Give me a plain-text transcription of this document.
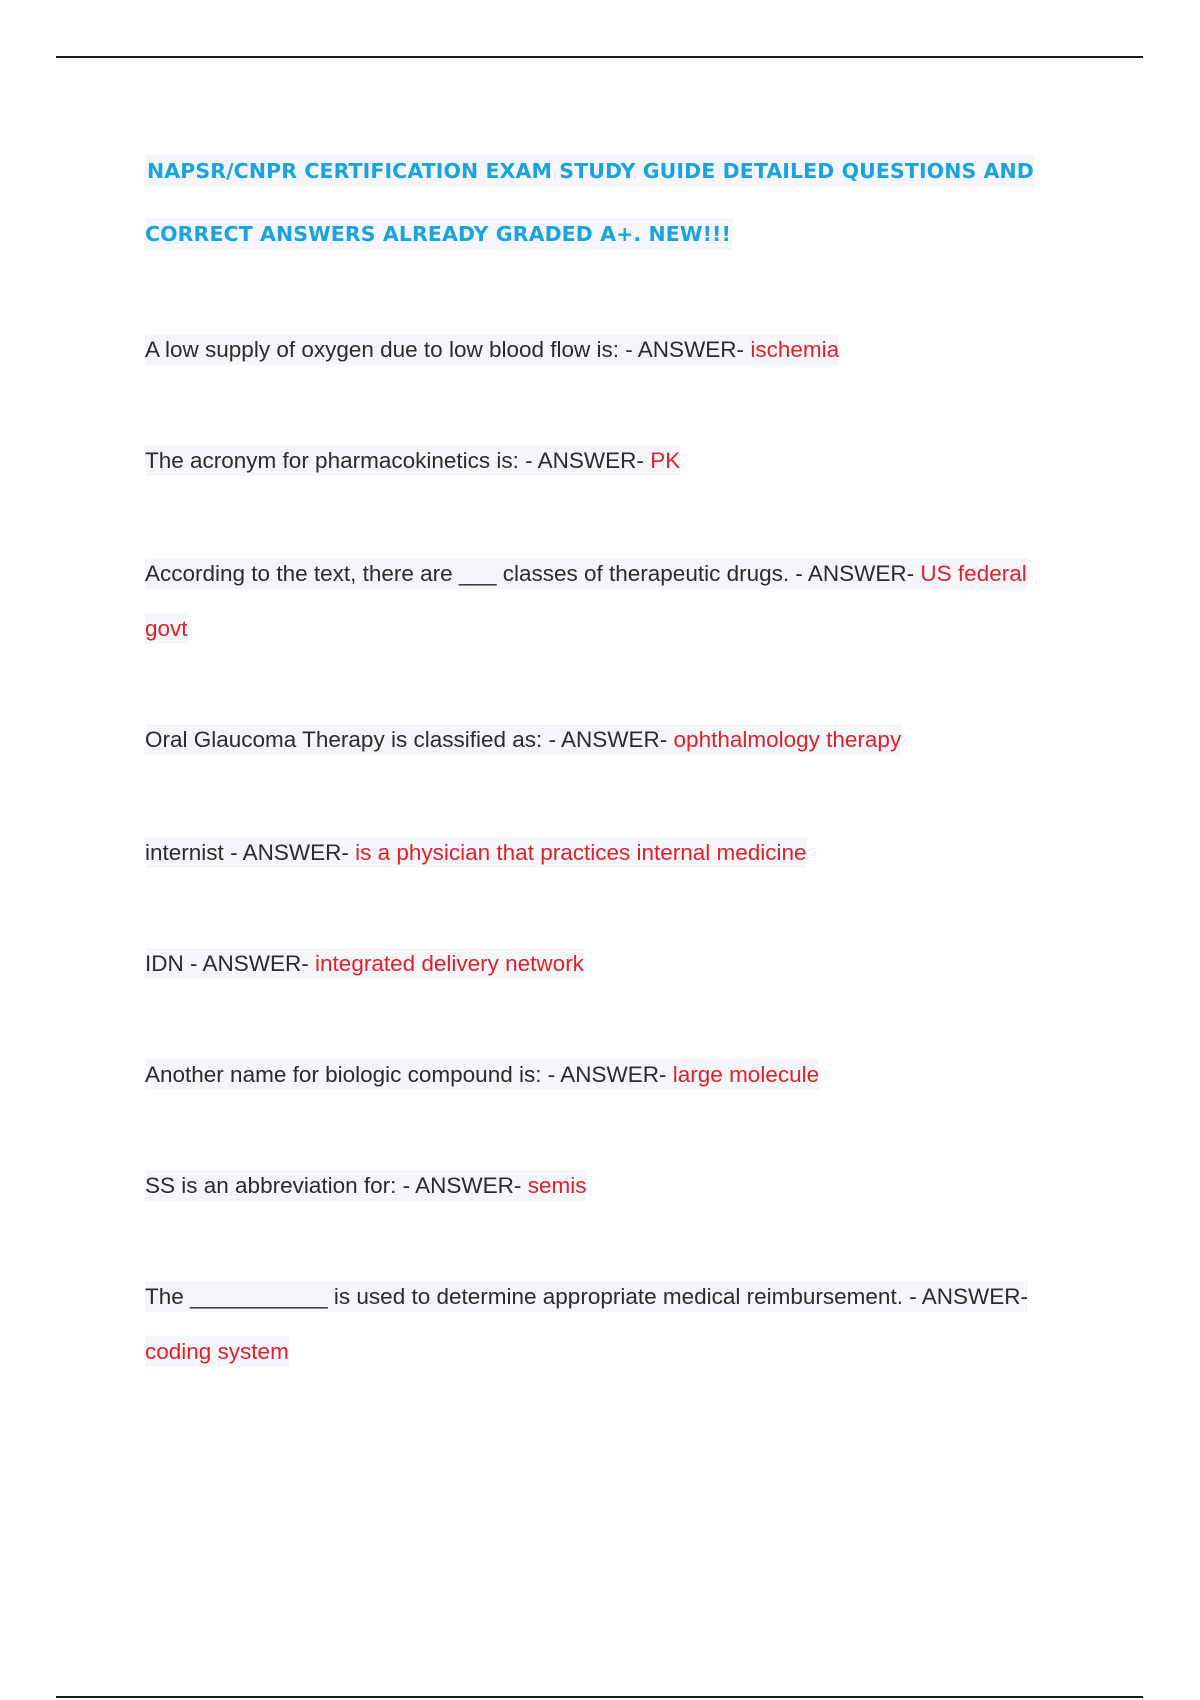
NAPSR/CNPR CERTIFICATION EXAM STUDY GUIDE DETAILED QUESTIONS AND CORRECT ANSWERS ALREADY GRADED A+. NEW!!!
A low supply of oxygen due to low blood flow is: - ANSWER- ischemia
The acronym for pharmacokinetics is: - ANSWER- PK
According to the text, there are ___ classes of therapeutic drugs. - ANSWER- US federal govt
Oral Glaucoma Therapy is classified as: - ANSWER- ophthalmology therapy
internist - ANSWER- is a physician that practices internal medicine
IDN - ANSWER- integrated delivery network
Another name for biologic compound is: - ANSWER- large molecule
SS is an abbreviation for: - ANSWER- semis
The ___________ is used to determine appropriate medical reimbursement. - ANSWER- coding system
